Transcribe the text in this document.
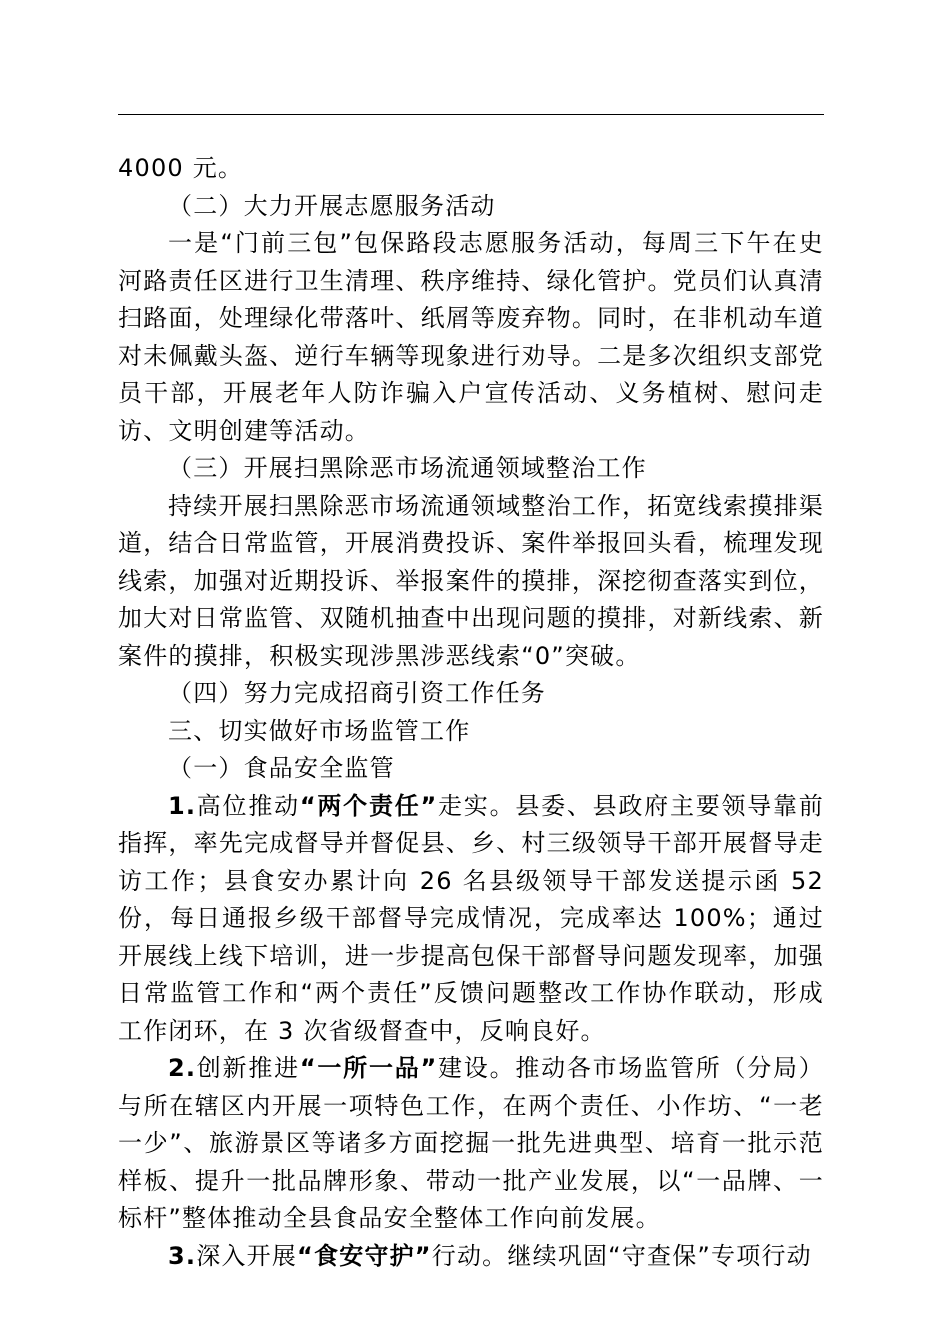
4000 元。

（二）大力开展志愿服务活动

一是“门前三包”包保路段志愿服务活动，每周三下午在史河路责任区进行卫生清理、秩序维持、绿化管护。党员们认真清扫路面，处理绿化带落叶、纸屑等废弃物。同时，在非机动车道对未佩戴头盔、逆行车辆等现象进行劝导。二是多次组织支部党员干部，开展老年人防诈骗入户宣传活动、义务植树、慰问走访、文明创建等活动。

（三）开展扫黑除恶市场流通领域整治工作

持续开展扫黑除恶市场流通领域整治工作，拓宽线索摸排渠道，结合日常监管，开展消费投诉、案件举报回头看，梳理发现线索，加强对近期投诉、举报案件的摸排，深挖彻查落实到位，加大对日常监管、双随机抽查中出现问题的摸排，对新线索、新案件的摸排，积极实现涉黑涉恶线索“0”突破。

（四）努力完成招商引资工作任务

三、切实做好市场监管工作

（一）食品安全监管

1.高位推动“两个责任”走实。县委、县政府主要领导靠前指挥，率先完成督导并督促县、乡、村三级领导干部开展督导走访工作；县食安办累计向 26 名县级领导干部发送提示函 52 份，每日通报乡级干部督导完成情况，完成率达 100%；通过开展线上线下培训，进一步提高包保干部督导问题发现率，加强日常监管工作和“两个责任”反馈问题整改工作协作联动，形成工作闭环，在 3 次省级督查中，反响良好。

2.创新推进“一所一品”建设。推动各市场监管所（分局）与所在辖区内开展一项特色工作，在两个责任、小作坊、“一老一少”、旅游景区等诸多方面挖掘一批先进典型、培育一批示范样板、提升一批品牌形象、带动一批产业发展，以“一品牌、一标杆”整体推动全县食品安全整体工作向前发展。

3.深入开展“食安守护”行动。继续巩固“守查保”专项行动
